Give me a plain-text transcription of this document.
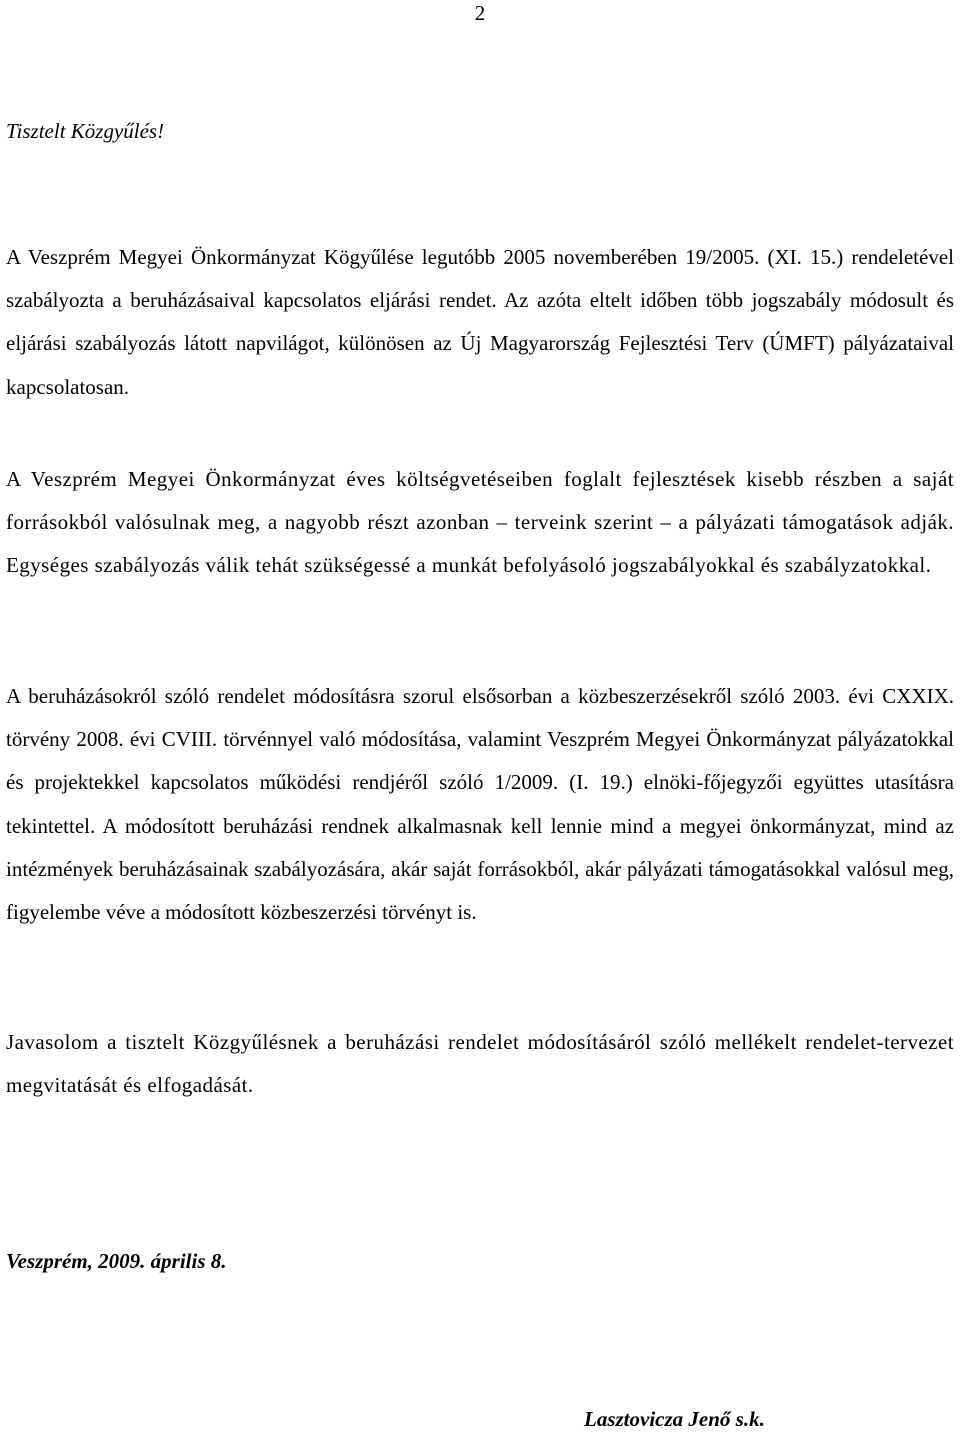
2
Tisztelt Közgyűlés!

A Veszprém Megyei Önkormányzat Kögyűlése legutóbb 2005 novemberében 19/2005. (XI. 15.) rendeletével szabályozta a beruházásaival kapcsolatos eljárási rendet. Az azóta eltelt időben több jogszabály módosult és eljárási szabályozás látott napvilágot, különösen az Új Magyarország Fejlesztési Terv (ÚMFT) pályázataival kapcsolatosan.

A Veszprém Megyei Önkormányzat éves költségvetéseiben foglalt fejlesztések kisebb részben a saját forrásokból valósulnak meg, a nagyobb részt azonban – terveink szerint – a pályázati támogatások adják. Egységes szabályozás válik tehát szükségessé a munkát befolyásoló jogszabályokkal és szabályzatokkal.

A beruházásokról szóló rendelet módosításra szorul elsősorban a közbeszerzésekről szóló 2003. évi CXXIX. törvény 2008. évi CVIII. törvénnyel való módosítása, valamint Veszprém Megyei Önkormányzat pályázatokkal és projektekkel kapcsolatos működési rendjéről szóló 1/2009. (I. 19.) elnöki-főjegyzői együttes utasításra tekintettel. A módosított beruházási rendnek alkalmasnak kell lennie mind a megyei önkormányzat, mind az intézmények beruházásainak szabályozására, akár saját forrásokból, akár pályázati támogatásokkal valósul meg, figyelembe véve a módosított közbeszerzési törvényt is.

Javasolom a tisztelt Közgyűlésnek a beruházási rendelet módosításáról szóló mellékelt rendelet-tervezet megvitatását és elfogadását.

Veszprém, 2009. április 8.
Lasztovicza Jenő s.k.
